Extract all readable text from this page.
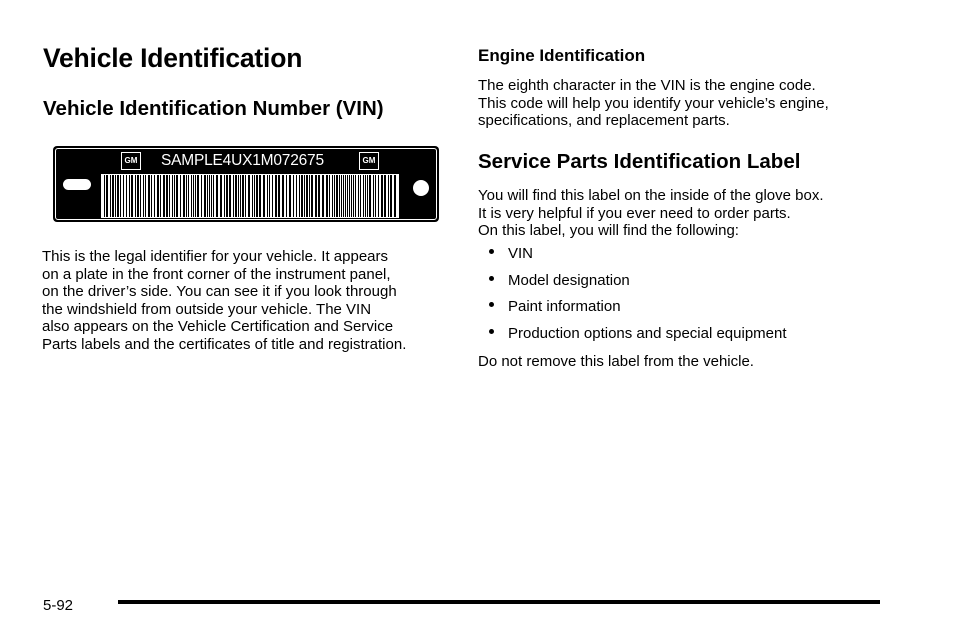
Vehicle Identification
Vehicle Identification Number (VIN)
GM SAMPLE4UX1M072675	GM
This is the legal identifier for your vehicle. It appears
on a plate in the front corner of the instrument panel,
on the driver’s side. You can see it if you look through
the windshield from outside your vehicle. The VIN
also appears on the Vehicle Certification and Service
Parts labels and the certificates of title and registration.
Engine Identification
The eighth character in the VIN is the engine code.
This code will help you identify your vehicle’s engine,
specifications, and replacement parts.
Service Parts Identification Label
You will find this label on the inside of the glove box.
It is very helpful if you ever need to order parts.
On this label, you will find the following:
VIN
Model designation
Paint information
Production options and special equipment

Do not remove this label from the vehicle.

5-92
